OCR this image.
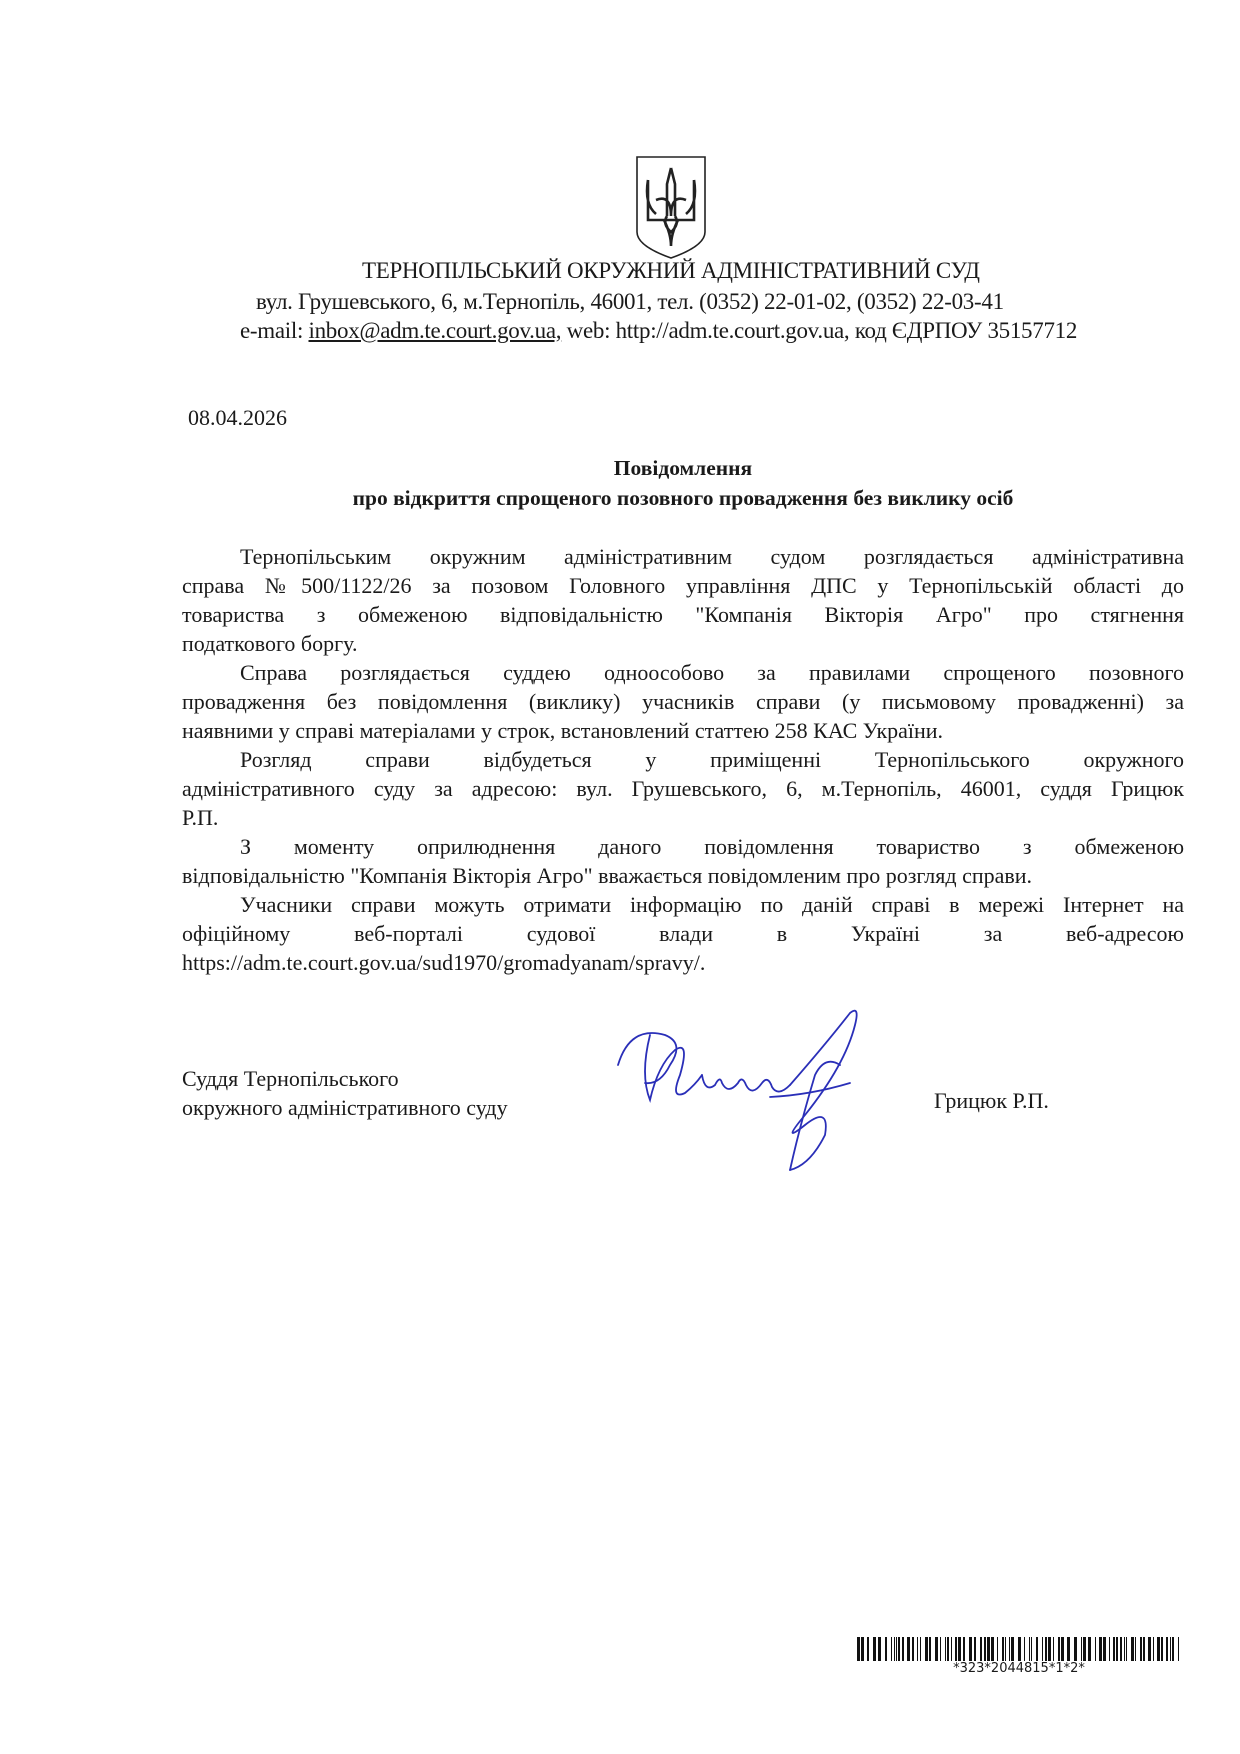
ТЕРНОПІЛЬСЬКИЙ ОКРУЖНИЙ АДМІНІСТРАТИВНИЙ СУД
вул. Грушевського, 6, м.Тернопіль, 46001, тел. (0352) 22-01-02, (0352) 22-03-41
e-mail: inbox@adm.te.court.gov.ua, web: http://adm.te.court.gov.ua, код ЄДРПОУ 35157712
08.04.2026
Повідомлення
про відкриття спрощеного позовного провадження без виклику осіб
Тернопільським окружним адміністративним судом розглядається адміністративна
справа №500/1122/26 за позовом Головного управління ДПС у Тернопільській області до
товариства з обмеженою відповідальністю "Компанія Вікторія Агро" про стягнення
податкового боргу.
Справа розглядається суддею одноособово за правилами спрощеного позовного
провадження без повідомлення (виклику) учасників справи (у письмовому провадженні) за
наявними у справі матеріалами у строк, встановлений статтею 258 КАС України.
Розгляд справи відбудеться у приміщенні Тернопільського окружного
адміністративного суду за адресою: вул. Грушевського, 6, м.Тернопіль, 46001, суддя Грицюк
Р.П.
З моменту оприлюднення даного повідомлення товариство з обмеженою
відповідальністю "Компанія Вікторія Агро" вважається повідомленим про розгляд справи.
Учасники справи можуть отримати інформацію по даній справі в мережі Інтернет на
офіційному веб-порталі судової влади в Україні за веб-адресою
https://adm.te.court.gov.ua/sud1970/gromadyanam/spravy/.
Суддя Тернопільського
окружного адміністративного суду	Грицюк Р.П.
*323*2044815*1*2*
